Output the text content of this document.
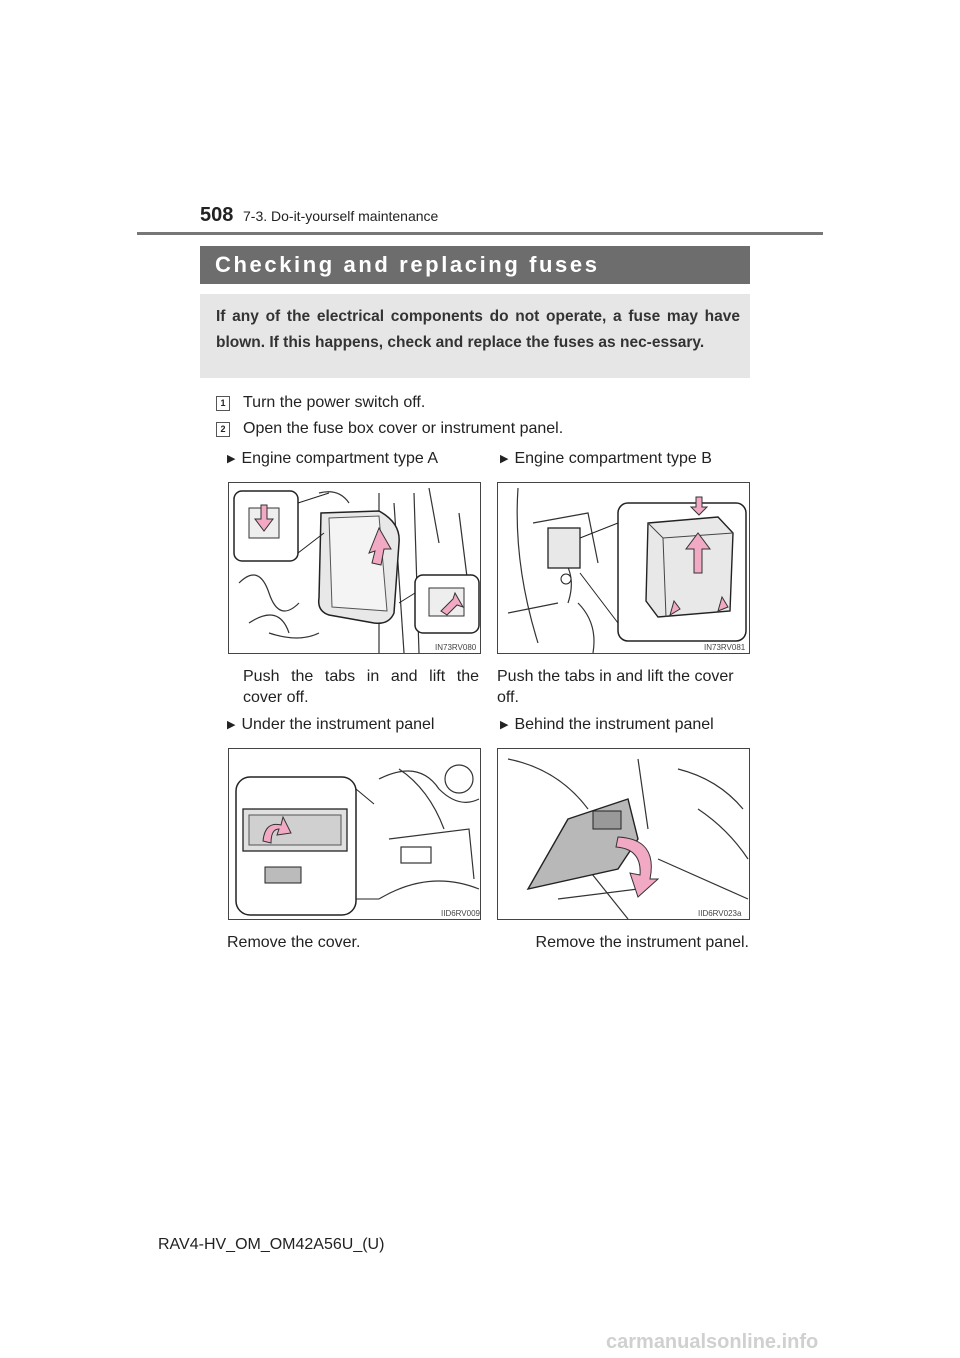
508 7-3. Do-it-yourself maintenance
Checking and replacing fuses
If any of the electrical components do not operate, a fuse may have blown. If this happens, check and replace the fuses as nec-essary.
1 Turn the power switch off.
2 Open the fuse box cover or instrument panel.
▶ Engine compartment type A	▶ Engine compartment type B
IN73RV080	IN73RV081
Push the tabs in and lift the cover off.
Push the tabs in and lift the cover off.
▶ Under the instrument panel	▶ Behind the instrument panel
IID6RV009	IID6RV023a
Remove the cover.	Remove the instrument panel.
RAV4-HV_OM_OM42A56U_(U)
carmanualsonline.info
